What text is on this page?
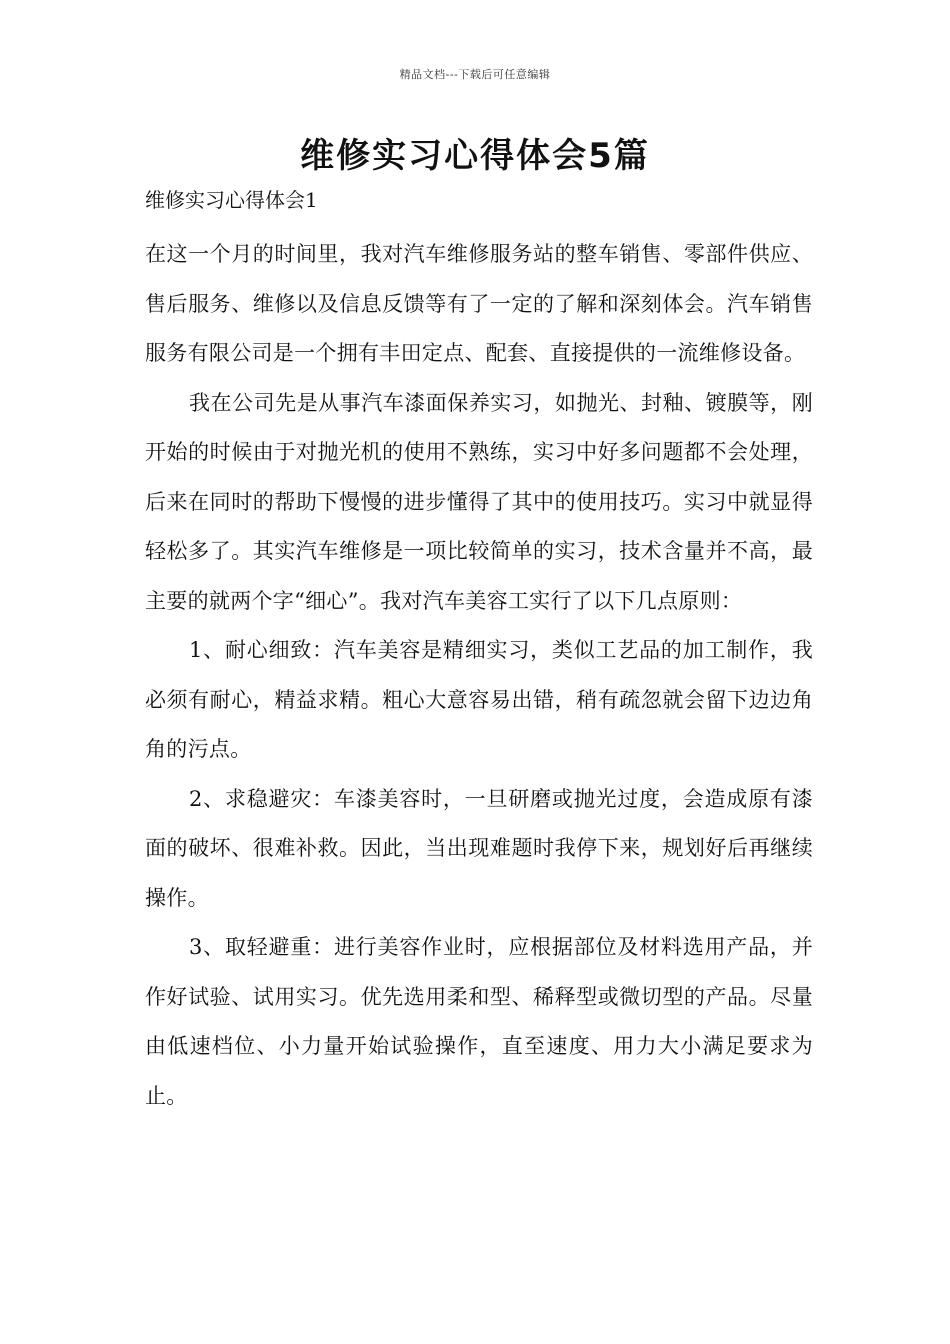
精品文档---下载后可任意编辑
维修实习心得体会5篇
维修实习心得体会1

在这一个月的时间里，我对汽车维修服务站的整车销售、零部件供应、售后服务、维修以及信息反馈等有了一定的了解和深刻体会。汽车销售服务有限公司是一个拥有丰田定点、配套、直接提供的一流维修设备。

我在公司先是从事汽车漆面保养实习，如抛光、封釉、镀膜等，刚开始的时候由于对抛光机的使用不熟练，实习中好多问题都不会处理，后来在同时的帮助下慢慢的进步懂得了其中的使用技巧。实习中就显得轻松多了。其实汽车维修是一项比较简单的实习，技术含量并不高，最主要的就两个字“细心”。我对汽车美容工实行了以下几点原则：

1、耐心细致：汽车美容是精细实习，类似工艺品的加工制作，我必须有耐心，精益求精。粗心大意容易出错，稍有疏忽就会留下边边角角的污点。

2、求稳避灾：车漆美容时，一旦研磨或抛光过度，会造成原有漆面的破坏、很难补救。因此，当出现难题时我停下来，规划好后再继续操作。

3、取轻避重：进行美容作业时，应根据部位及材料选用产品，并作好试验、试用实习。优先选用柔和型、稀释型或微切型的产品。尽量由低速档位、小力量开始试验操作，直至速度、用力大小满足要求为止。
